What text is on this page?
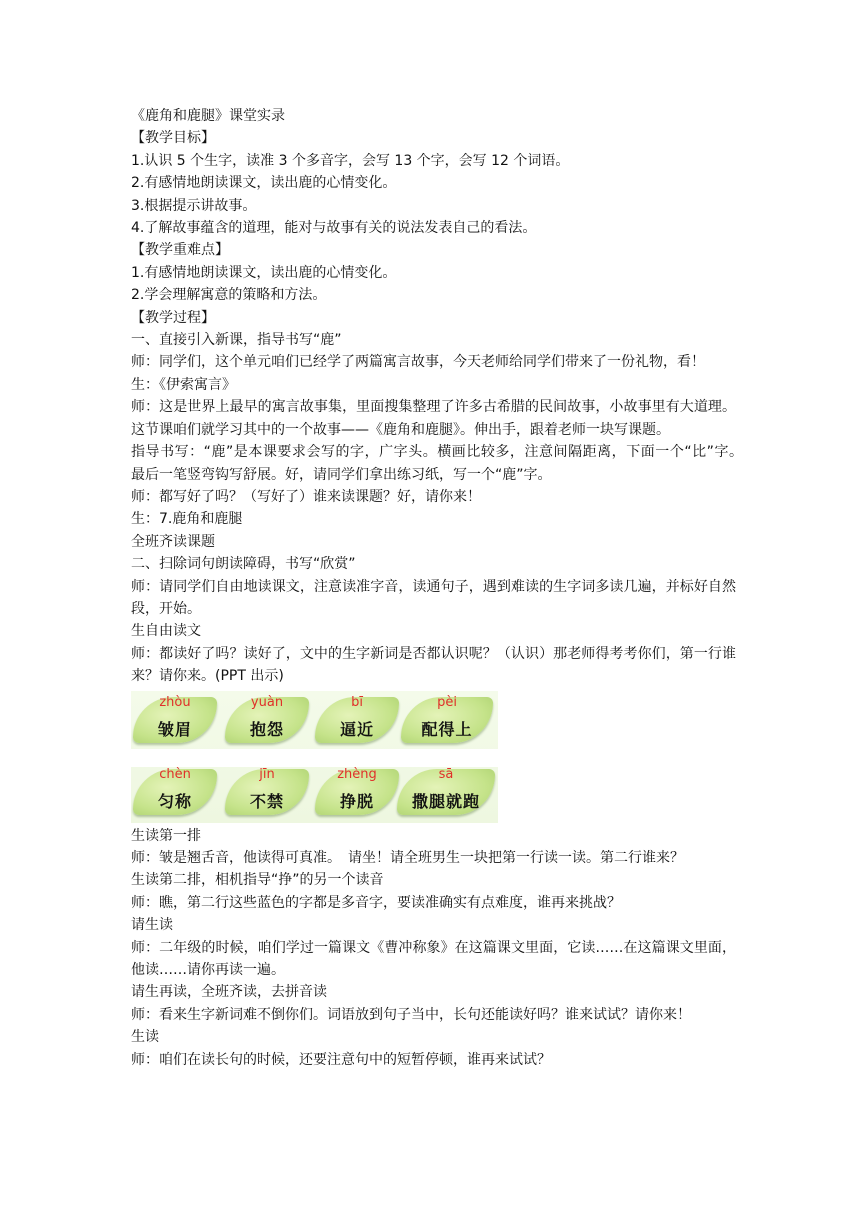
《鹿角和鹿腿》课堂实录
【教学目标】
1.认识 5 个生字，读准 3 个多音字，会写 13 个字，会写 12 个词语。
2.有感情地朗读课文，读出鹿的心情变化。
3.根据提示讲故事。
4.了解故事蕴含的道理，能对与故事有关的说法发表自己的看法。
【教学重难点】
1.有感情地朗读课文，读出鹿的心情变化。
2.学会理解寓意的策略和方法。
【教学过程】
一、直接引入新课，指导书写“鹿”
师：同学们，这个单元咱们已经学了两篇寓言故事，今天老师给同学们带来了一份礼物，看！
生：《伊索寓言》
师：这是世界上最早的寓言故事集，里面搜集整理了许多古希腊的民间故事，小故事里有大道理。这节课咱们就学习其中的一个故事——《鹿角和鹿腿》。伸出手，跟着老师一块写课题。
指导书写：“鹿”是本课要求会写的字，广字头。横画比较多，注意间隔距离，下面一个“比”字。　最后一笔竖弯钩写舒展。好，请同学们拿出练习纸，写一个“鹿”字。
师：都写好了吗？（写好了）谁来读课题？好，请你来！
生：7.鹿角和鹿腿
全班齐读课题
二、扫除词句朗读障碍，书写“欣赏”
师：请同学们自由地读课文，注意读准字音，读通句子，遇到难读的生字词多读几遍，并标好自然段，开始。
生自由读文
师：都读好了吗？读好了，文中的生字新词是否都认识呢？（认识）那老师得考考你们，第一行谁来？请你来。(PPT 出示)
zhòu
皱眉
yuàn
抱怨
bī
逼近
pèi
配得上
chèn
匀称
jīn
不禁
zhèng
挣脱
sā
撒腿就跑
生读第一排
师：皱是翘舌音，他读得可真准。　请坐！请全班男生一块把第一行读一读。第二行谁来？
生读第二排，相机指导“挣”的另一个读音
师：瞧，第二行这些蓝色的字都是多音字，要读准确实有点难度，谁再来挑战？
请生读
师：二年级的时候，咱们学过一篇课文《曹冲称象》在这篇课文里面，它读……在这篇课文里面，他读……请你再读一遍。
请生再读，全班齐读，去拼音读
师：看来生字新词难不倒你们。词语放到句子当中，长句还能读好吗？谁来试试？请你来！
生读
师：咱们在读长句的时候，还要注意句中的短暂停顿，谁再来试试？
